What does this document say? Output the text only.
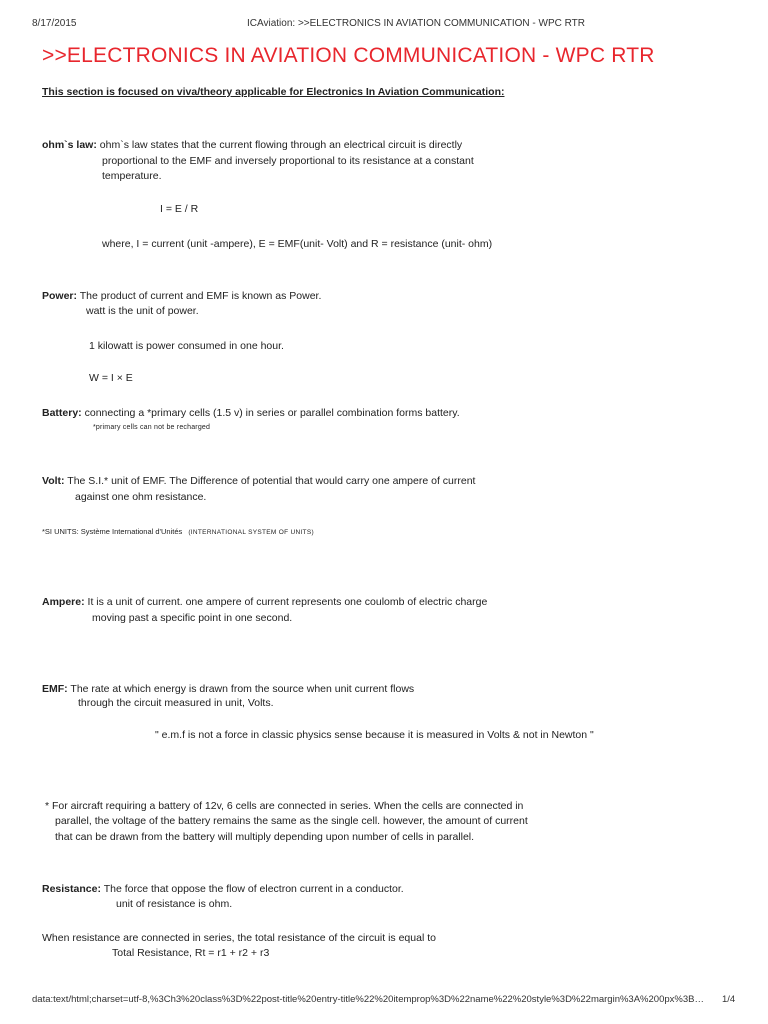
8/17/2015	ICAviation: >>ELECTRONICS IN AVIATION COMMUNICATION - WPC RTR
>>ELECTRONICS IN AVIATION COMMUNICATION - WPC RTR
This section is focused on viva/theory applicable for Electronics In Aviation Communication:
ohm`s law: ohm`s law states that the current flowing through an electrical circuit is directly
proportional to the EMF and inversely proportional to its resistance at a constant
temperature.
I = E / R
where, I = current (unit -ampere), E = EMF(unit- Volt) and R = resistance (unit- ohm)
Power: The product of current and EMF is known as Power.
watt is the unit of power.
1 kilowatt is power consumed in one hour.
W = I × E
Battery: connecting a *primary cells (1.5 v) in series or parallel combination forms battery.
*primary cells can not be recharged
Volt: The S.I.* unit of EMF. The Difference of potential that would carry one ampere of current
against one ohm resistance.
*SI UNITS: Système International d'Unités (INTERNATIONAL SYSTEM OF UNITS)
Ampere: It is a unit of current. one ampere of current represents one coulomb of electric charge
moving past a specific point in one second.
EMF: The rate at which energy is drawn from the source when unit current flows
through the circuit measured in unit, Volts.
" e.m.f is not a force in classic physics sense because it is measured in Volts & not in Newton "
* For aircraft requiring a battery of 12v, 6 cells are connected in series. When the cells are connected in
parallel, the voltage of the battery remains the same as the single cell. however, the amount of current
that can be drawn from the battery will multiply depending upon number of cells in parallel.
Resistance: The force that oppose the flow of electron current in a conductor.
unit of resistance is ohm.
When resistance are connected in series, the total resistance of the circuit is equal to
Total Resistance, Rt = r1 + r2 + r3
data:text/html;charset=utf-8,%3Ch3%20class%3D%22post-title%20entry-title%22%20itemprop%3D%22name%22%20style%3D%22margin%3A%200px%3B…	1/4
